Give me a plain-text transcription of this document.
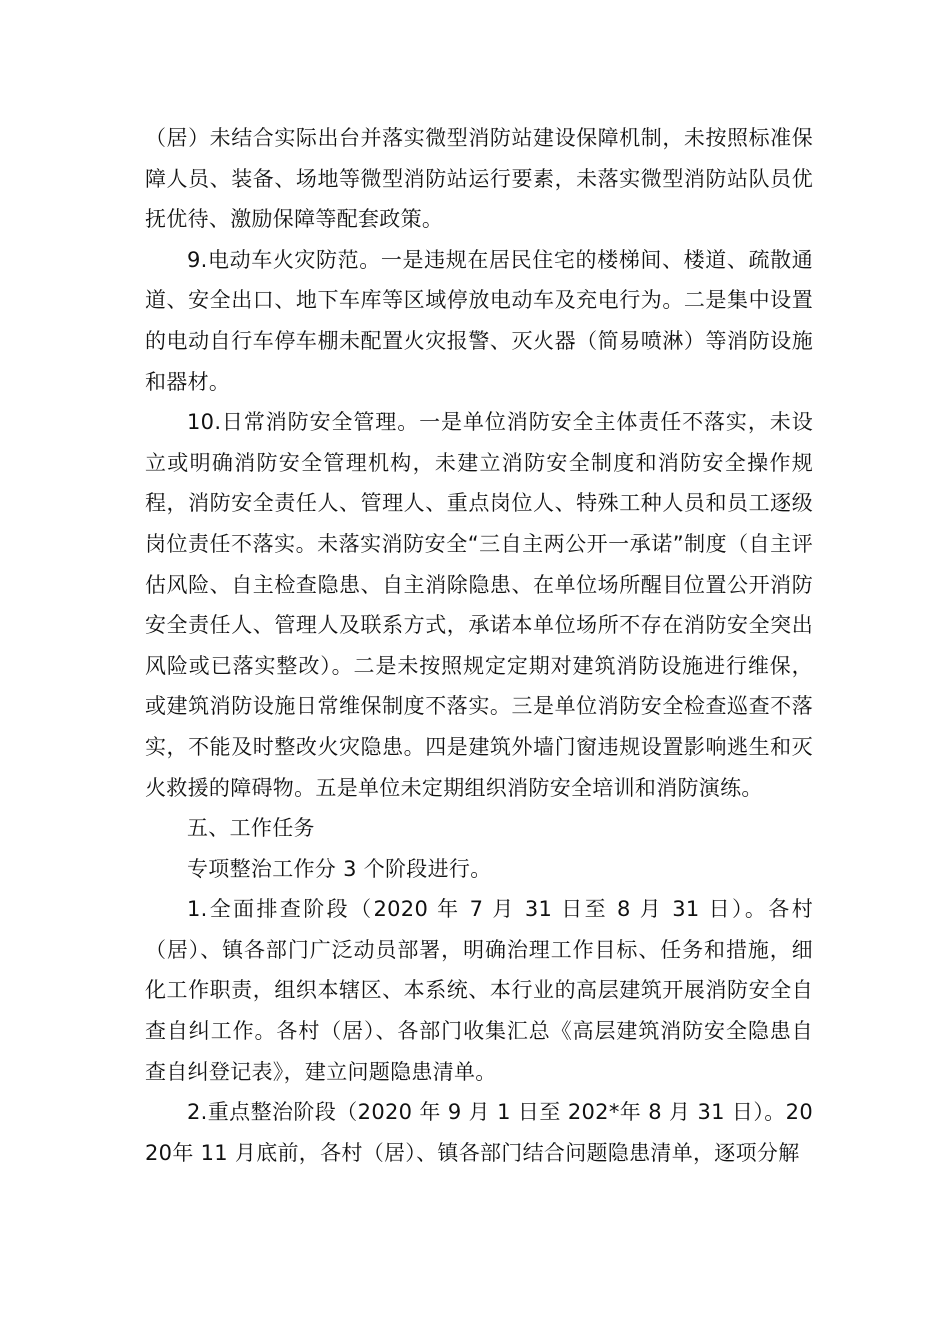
（居）未结合实际出台并落实微型消防站建设保障机制，未按照标准保障人员、装备、场地等微型消防站运行要素，未落实微型消防站队员优抚优待、激励保障等配套政策。

9.电动车火灾防范。一是违规在居民住宅的楼梯间、楼道、疏散通道、安全出口、地下车库等区域停放电动车及充电行为。二是集中设置的电动自行车停车棚未配置火灾报警、灭火器（简易喷淋）等消防设施和器材。

10.日常消防安全管理。一是单位消防安全主体责任不落实，未设立或明确消防安全管理机构，未建立消防安全制度和消防安全操作规程，消防安全责任人、管理人、重点岗位人、特殊工种人员和员工逐级岗位责任不落实。未落实消防安全“三自主两公开一承诺”制度（自主评估风险、自主检查隐患、自主消除隐患、在单位场所醒目位置公开消防安全责任人、管理人及联系方式，承诺本单位场所不存在消防安全突出风险或已落实整改）。二是未按照规定定期对建筑消防设施进行维保，或建筑消防设施日常维保制度不落实。三是单位消防安全检查巡查不落实，不能及时整改火灾隐患。四是建筑外墙门窗违规设置影响逃生和灭火救援的障碍物。五是单位未定期组织消防安全培训和消防演练。

五、工作任务

专项整治工作分 3 个阶段进行。

1.全面排查阶段（2020 年 7 月 31 日至 8 月 31 日）。各村（居）、镇各部门广泛动员部署，明确治理工作目标、任务和措施，细化工作职责，组织本辖区、本系统、本行业的高层建筑开展消防安全自查自纠工作。各村（居）、各部门收集汇总《高层建筑消防安全隐患自查自纠登记表》，建立问题隐患清单。

2.重点整治阶段（2020 年 9 月 1 日至 202*年 8 月 31 日）。2020年 11 月底前，各村（居）、镇各部门结合问题隐患清单，逐项分解
